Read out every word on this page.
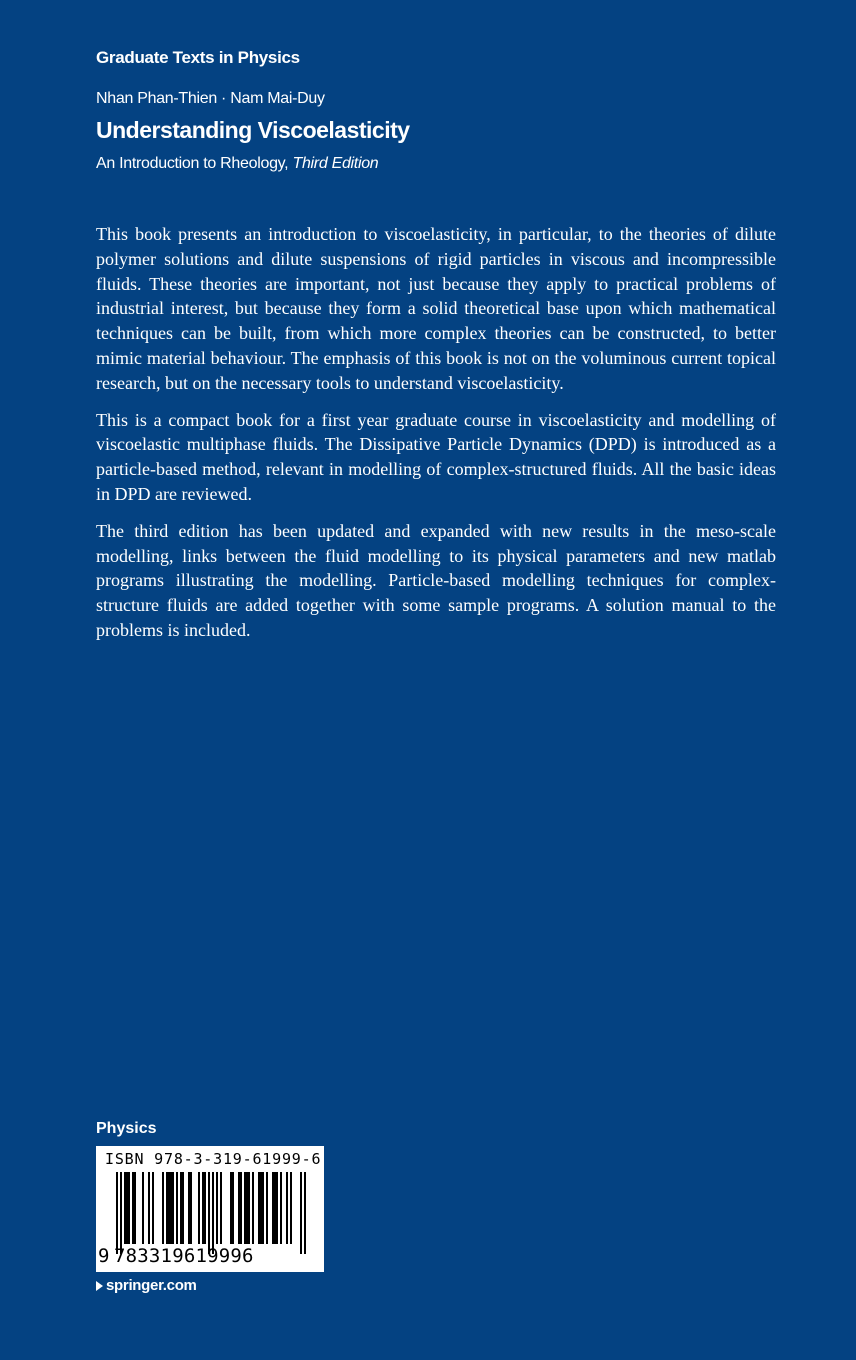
Graduate Texts in Physics
Nhan Phan-Thien · Nam Mai-Duy
Understanding Viscoelasticity
An Introduction to Rheology, Third Edition

This book presents an introduction to viscoelasticity, in particular, to the theories of dilute polymer solutions and dilute suspensions of rigid particles in viscous and incompressible fluids. These theories are important, not just because they apply to practical problems of industrial interest, but because they form a solid theoretical base upon which mathematical techniques can be built, from which more complex theories can be constructed, to better mimic material behaviour. The emphasis of this book is not on the voluminous current topical research, but on the necessary tools to understand viscoelasticity.

This is a compact book for a first year graduate course in viscoelasticity and modelling of viscoelastic multiphase fluids. The Dissipative Particle Dynamics (DPD) is introduced as a particle-based method, relevant in modelling of complex-structured fluids. All the basic ideas in DPD are reviewed.

The third edition has been updated and expanded with new results in the meso-scale modelling, links between the fluid modelling to its physical parameters and new matlab programs illustrating the modelling. Particle-based modelling techniques for complex-structure fluids are added together with some sample programs. A solution manual to the problems is included.

Physics
ISBN 978-3-319-61999-6
9 783319619996
springer.com
